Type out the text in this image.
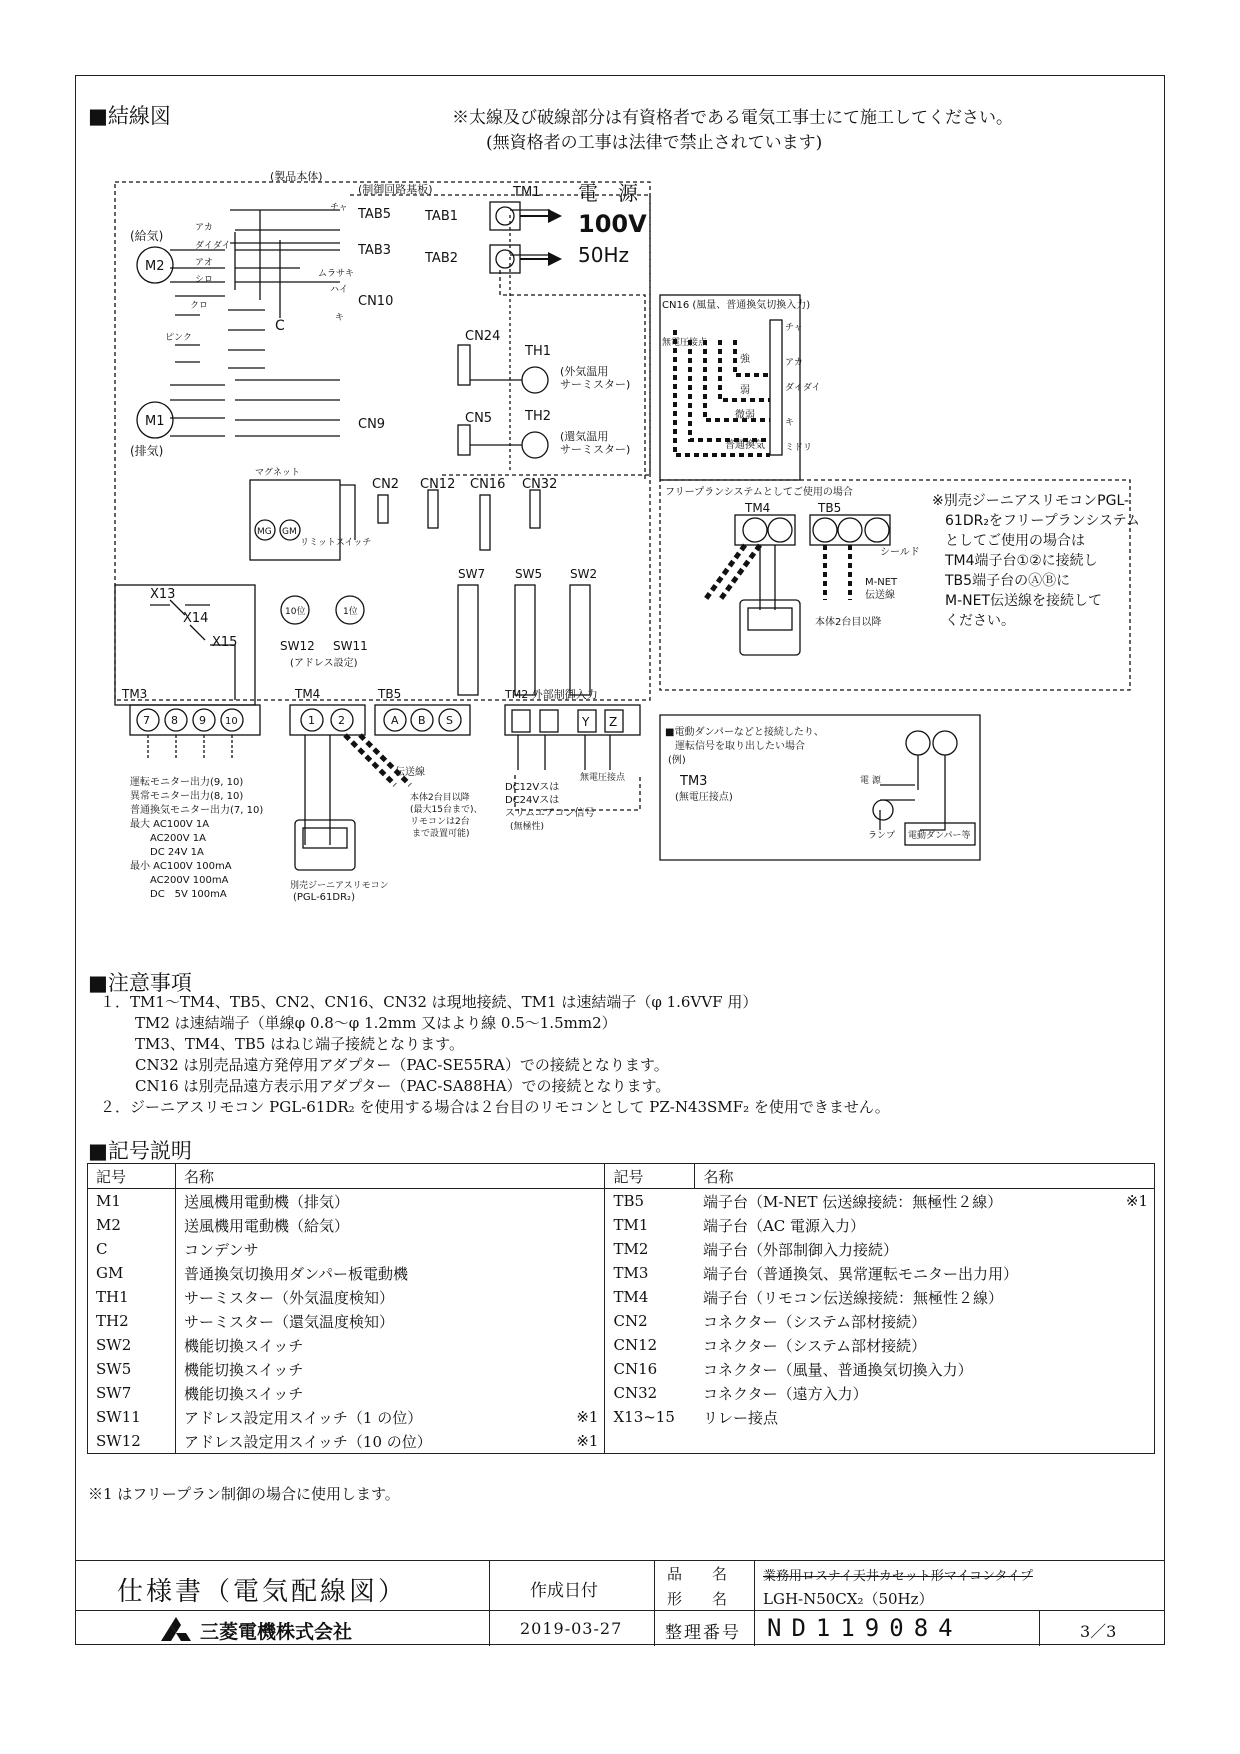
■結線図	※太線及び破線部分は有資格者である電気工事士にて施工してください。
(無資格者の工事は法律で禁止されています)
(製品本体)
(制御回路基板)	TM1 電　源
100V
50Hz
TAB5
TAB3
TAB1
TAB2
CN10
CN9
CN24
CN5
TH1
TH2
(外気温用
サーミスター)
(還気温用
サーミスター)
M2
M1
(給気)
(排気)
アカ
ダイダイ
アオ
シロ
クロ
ピンク
チャ
ムラサキ
ハイ
キ
C
MG GM
マグネット
リミットスイッチ
CN2 CN12 CN16 CN32
X13
X14
X15	SW12 SW11
(アドレス設定)
10位	1位
SW7 SW5 SW2
TM3	TM4	TB5	TM2 外部制御入力
7 8 9 10	1 2	A B S	Y Z
運転モニター出力(9, 10)
異常モニター出力(8, 10)
普通換気モニター出力(7, 10)
最大 AC100V 1A
AC200V 1A
DC 24V 1A
最小 AC100V 100mA
AC200V 100mA
DC　5V 100mA
別売ジーニアスリモコン
(PGL-61DR₂)
伝送線
本体2台目以降
(最大15台まで)、
リモコンは2台
まで設置可能)
DC12Vスは
DC24Vスは
スリムエアコン信号
(無極性)
無電圧接点
CN16 (風量、普通換気切換入力)
無電圧接点
強
弱
微弱
普通換気
チャ
アカ
ダイダイ
キ
ミドリ
フリープランシステムとしてご使用の場合
TM4	TB5
シールド
M-NET
伝送線
本体2台目以降
※別売ジーニアスリモコンPGL-
61DR₂をフリープランシステム
としてご使用の場合は
TM4端子台①②に接続し
TB5端子台のⒶⒷに
M-NET伝送線を接続して
ください。
■電動ダンパーなどと接続したり、
運転信号を取り出したい場合
(例)
TM3
(無電圧接点)
電 源
ランプ 電動ダンパー等
■注意事項
１．TM1〜TM4、TB5、CN2、CN16、CN32 は現地接続、TM1 は速結端子（φ 1.6VVF 用）
TM2 は速結端子（単線φ 0.8〜φ 1.2mm 又はより線 0.5〜1.5mm2）
TM3、TM4、TB5 はねじ端子接続となります。
CN32 は別売品遠方発停用アダプター（PAC-SE55RA）での接続となります。
CN16 は別売品遠方表示用アダプター（PAC-SA88HA）での接続となります。
２．ジーニアスリモコン PGL-61DR₂ を使用する場合は２台目のリモコンとして PZ-N43SMF₂ を使用できません。
■記号説明
記号	名称		記号	名称	
M1	送風機用電動機（排気）		TB5	端子台（M-NET 伝送線接続：無極性２線）	※1
M2	送風機用電動機（給気）		TM1	端子台（AC 電源入力）	
C	コンデンサ		TM2	端子台（外部制御入力接続）	
GM	普通換気切換用ダンパー板電動機		TM3	端子台（普通換気、異常運転モニター出力用）	
TH1	サーミスター（外気温度検知）		TM4	端子台（リモコン伝送線接続：無極性２線）	
TH2	サーミスター（還気温度検知）		CN2	コネクター（システム部材接続）	
SW2	機能切換スイッチ		CN12	コネクター（システム部材接続）	
SW5	機能切換スイッチ		CN16	コネクター（風量、普通換気切換入力）	
SW7	機能切換スイッチ		CN32	コネクター（遠方入力）	
SW11	アドレス設定用スイッチ（1 の位）	※1	X13~15	リレー接点	
SW12	アドレス設定用スイッチ（10 の位）	※1			
※1 はフリープラン制御の場合に使用します。
仕様書（電気配線図）	作成日付
品　　名	業務用ロスナイ天井カセット形マイコンタイプ
形　　名	LGH-N50CX₂（50Hz）
三菱電機株式会社	2019-03-27	整理番号	ND119084	3／3
